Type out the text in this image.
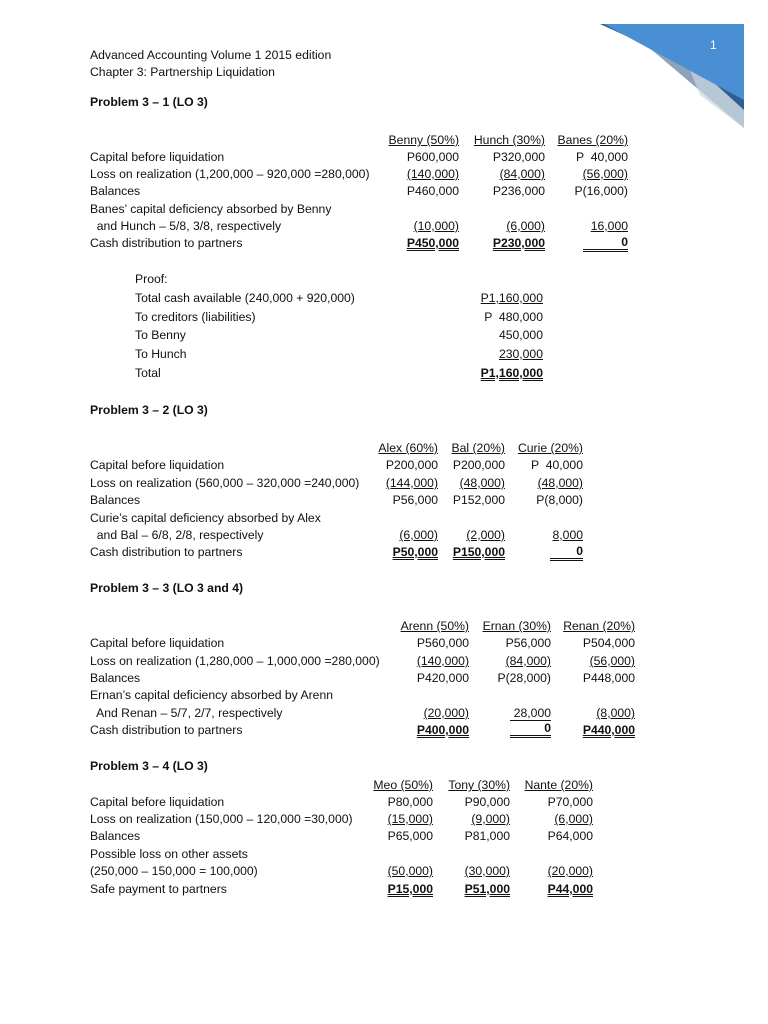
1
Advanced Accounting Volume 1 2015 edition
Chapter 3: Partnership Liquidation
Problem 3 – 1 (LO 3)
Benny (50%)	Hunch (30%)	Banes (20%)
Capital before liquidation	P600,000	P320,000	P  40,000
Loss on realization (1,200,000 – 920,000 =280,000)	(140,000)	(84,000)	(56,000)
Balances	P460,000	P236,000	P(16,000)
Banes’ capital deficiency absorbed by Benny
and Hunch – 5/8, 3/8, respectively	(10,000)	(6,000)	16,000
Cash distribution to partners	P450,000	P230,000	0
Proof:
Total cash available (240,000 + 920,000)	P1,160,000
To creditors (liabilities)	P  480,000
To Benny	450,000
To Hunch	230,000
Total	P1,160,000
Problem 3 – 2 (LO 3)
Alex (60%)	Bal (20%)	Curie (20%)
Capital before liquidation	P200,000	P200,000	P  40,000
Loss on realization (560,000 – 320,000 =240,000)	(144,000)	(48,000)	(48,000)
Balances	P56,000	P152,000	P(8,000)
Curie’s capital deficiency absorbed by Alex
and Bal – 6/8, 2/8, respectively	(6,000)	(2,000)	8,000
Cash distribution to partners	P50,000	P150,000	0
Problem 3 – 3 (LO 3 and 4)
Arenn (50%)	Ernan (30%) Renan (20%)
Capital before liquidation	P560,000	P56,000	P504,000
Loss on realization (1,280,000 – 1,000,000 =280,000)	(140,000)	(84,000)	(56,000)
Balances	P420,000	P(28,000)	P448,000
Ernan’s capital deficiency absorbed by Arenn
And Renan – 5/7, 2/7, respectively	(20,000)	28,000	(8,000)
Cash distribution to partners	P400,000	0	P440,000
Problem 3 – 4 (LO 3)
Meo (50%)	Tony (30%)	Nante (20%)
Capital before liquidation	P80,000	P90,000	P70,000
Loss on realization (150,000 – 120,000 =30,000)	(15,000)	(9,000)	(6,000)
Balances	P65,000	P81,000	P64,000
Possible loss on other assets
(250,000 – 150,000 = 100,000)	(50,000)	(30,000)	(20,000)
Safe payment to partners	P15,000	P51,000	P44,000
